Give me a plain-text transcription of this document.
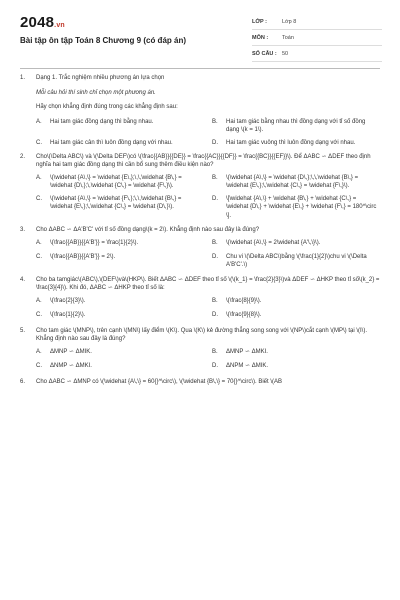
2048.vn
Bài tập ôn tập Toán 8 Chương 9 (có đáp án)
LỚP :	Lớp 8
MÔN :	Toán
SỐ CÂU : 50
1. Dạng 1. Trắc nghiệm nhiều phương án lựa chọn
Mỗi câu hỏi thí sinh chỉ chọn một phương án.
Hãy chọn khẳng định đúng trong các khẳng định sau:
A.	Hai tam giác đồng dạng thì bằng nhau.	B.	Hai tam giác bằng nhau thì đồng dạng với tỉ số đồng dạng \(k = 1\).
C.	Hai tam giác cân thì luôn đồng dạng với nhau.	D.	Hai tam giác vuông thì luôn đồng dạng với nhau.
2. Cho\(\Delta ABC\) và \(\Delta DEF\)có \(\frac{{AB}}{{DE}} = \frac{{AC}}{{DF}} = \frac{{BC}}{{EF}}\). Để ΔABC ∽ ΔDEF theo định nghĩa hai tam giác đồng dạng thì cần bổ sung thêm điều kiện nào?
A.	\(\widehat {A\,\} = \widehat {E\,};\,\,\widehat {B\,} = \widehat {D\,};\,\widehat {C\,} = \widehat {F\,}\).
B.	\(\widehat {A\,\} = \widehat {D\,};\,\,\widehat {B\,} = \widehat {E\,};\,\widehat {C\,} = \widehat {F\,}\).
C.	\(\widehat {A\,\} = \widehat {F\,};\,\,\widehat {B\,} = \widehat {E\,};\,\widehat {C\,} = \widehat {D\,}\).
D.	\[\widehat {A\,\} + \widehat {B\,} + \widehat {C\,} = \widehat {D\,} + \widehat {E\,} + \widehat {F\,} = 180^\circ \].
3. Cho ΔABC ∽ ΔA'B'C' với tỉ số đồng dạng\(k = 2\). Khẳng định nào sau đây là đúng?
A.	\(\frac{{AB}}{{A'B'}} = \frac{1}{2}\).	B.	\(\widehat {A\,\} = 2\widehat {A'\,\}\).
C.	\(\frac{{AB}}{{A'B'}} = 2\).	D.	Chu vi \(\Delta ABC\)bằng \(\frac{1}{2}\)chu vi \(\Delta A'B'C'.\)
4. Cho ba tamgiác\(ABC\),\(DEF\)và\(HKP\). Biết ΔABC ∽ ΔDEF theo tỉ số \(\(k_1} = \frac{2}{3}\)và ΔDEF ∽ ΔHKP theo tỉ số\(k_2} = \frac{3}{4}\). Khi đó, ΔABC ∽ ΔHKP theo tỉ số là:
A.	\(\frac{2}{3}\).	B.	\(\frac{8}{9}\).
C.	\(\frac{1}{2}\).	D.	\(\frac{9}{8}\).
5. Cho tam giác \(MNP\), trên cạnh \(MN\) lấy điểm \(K\). Qua \(K\) kẻ đường thẳng song song với \(NP\)cắt cạnh \(MP\) tại \(I\). Khẳng định nào sau đây là đúng?
A.	ΔMNP ∽ ΔMIK.	B.	ΔMNP ∽ ΔMKI.
C.	ΔNMP ∽ ΔMKI.	D.	ΔNPM ∽ ΔMIK.
6. Cho ΔABC ∽ ΔMNP có \(\widehat {A\,\} = 60{}^\circ\), \(\widehat {B\,\} = 70{}^\circ\). Biết \(AB
